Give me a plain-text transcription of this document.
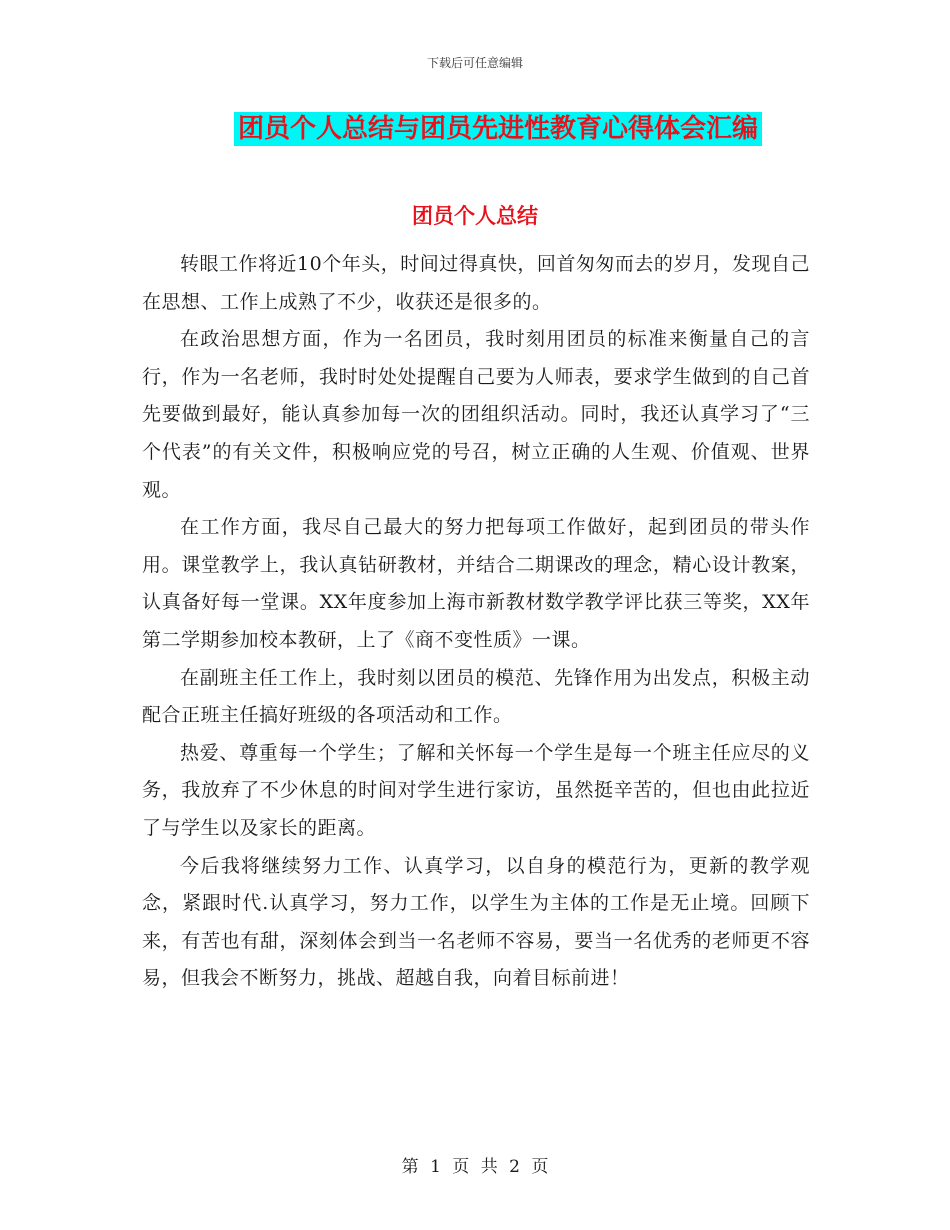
下载后可任意编辑
团员个人总结与团员先进性教育心得体会汇编
团员个人总结

转眼工作将近10个年头，时间过得真快，回首匆匆而去的岁月，发现自己在思想、工作上成熟了不少，收获还是很多的。

在政治思想方面，作为一名团员，我时刻用团员的标准来衡量自己的言行，作为一名老师，我时时处处提醒自己要为人师表，要求学生做到的自己首先要做到最好，能认真参加每一次的团组织活动。同时，我还认真学习了“三个代表”的有关文件，积极响应党的号召，树立正确的人生观、价值观、世界观。

在工作方面，我尽自己最大的努力把每项工作做好，起到团员的带头作用。课堂教学上，我认真钻研教材，并结合二期课改的理念，精心设计教案，认真备好每一堂课。XX年度参加上海市新教材数学教学评比获三等奖，XX年第二学期参加校本教研，上了《商不变性质》一课。

在副班主任工作上，我时刻以团员的模范、先锋作用为出发点，积极主动配合正班主任搞好班级的各项活动和工作。

热爱、尊重每一个学生；了解和关怀每一个学生是每一个班主任应尽的义务，我放弃了不少休息的时间对学生进行家访，虽然挺辛苦的，但也由此拉近了与学生以及家长的距离。

今后我将继续努力工作、认真学习，以自身的模范行为，更新的教学观念，紧跟时代.认真学习，努力工作，以学生为主体的工作是无止境。回顾下来，有苦也有甜，深刻体会到当一名老师不容易，要当一名优秀的老师更不容易，但我会不断努力，挑战、超越自我，向着目标前进！

第 1 页 共 2 页
